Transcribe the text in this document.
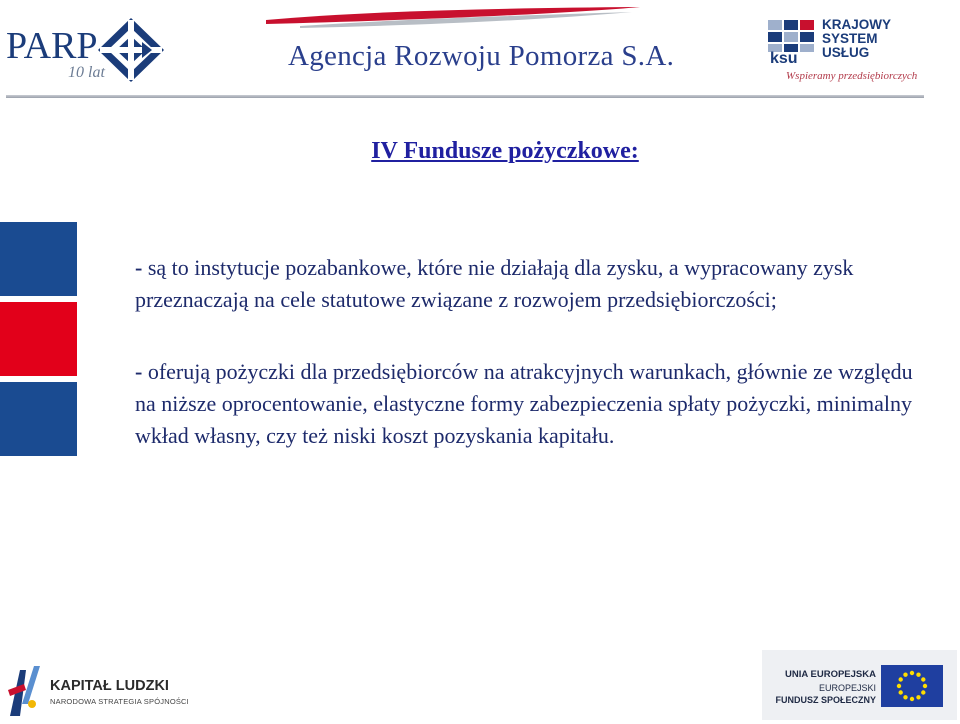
PARP
10 lat
Agencja Rozwoju Pomorza S.A.	ksu
KRAJOWY
SYSTEM
USŁUG
Wspieramy przedsiębiorczych
IV Fundusze pożyczkowe:

- są to instytucje pozabankowe, które nie działają dla zysku, a wypracowany zysk przeznaczają na cele statutowe związane z rozwojem przedsiębiorczości;

- oferują pożyczki dla przedsiębiorców na atrakcyjnych warunkach, głównie ze względu na niższe oprocentowanie, elastyczne formy zabezpieczenia spłaty pożyczki, minimalny wkład własny, czy też niski koszt pozyskania kapitału.

KAPITAŁ LUDZKI
NARODOWA STRATEGIA SPÓJNOŚCI
UNIA EUROPEJSKA
EUROPEJSKI
FUNDUSZ SPOŁECZNY
